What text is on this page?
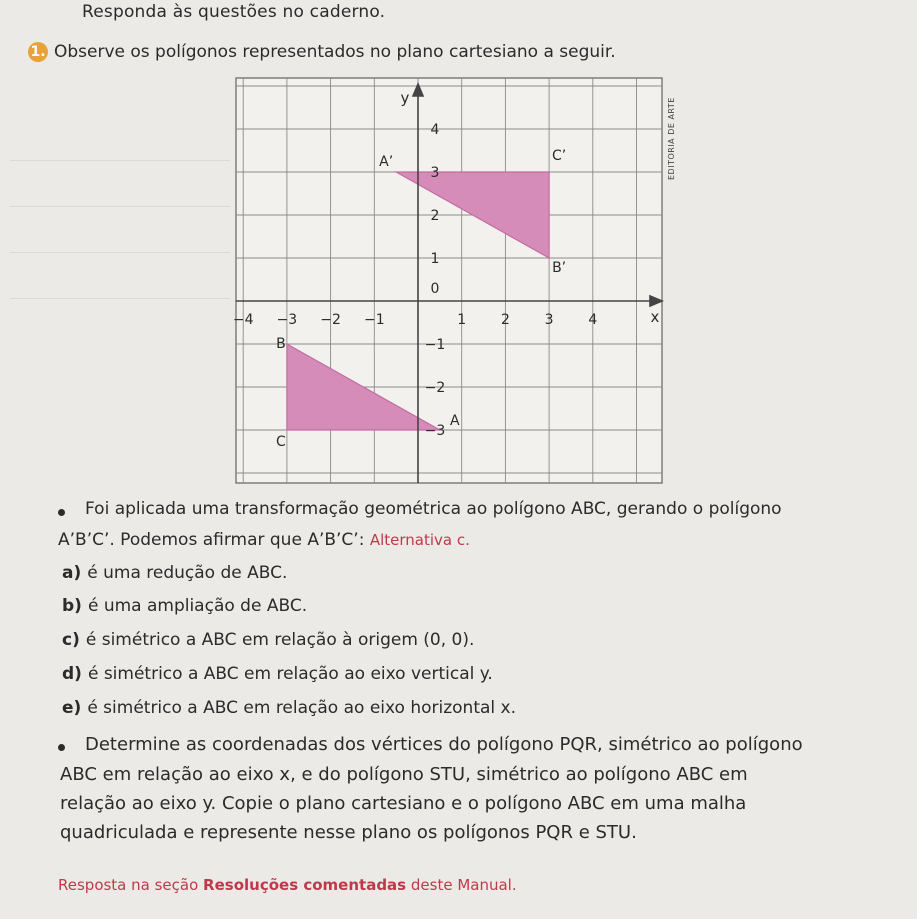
Responda às questões no caderno.
1. Observe os polígonos representados no plano cartesiano a seguir.
EDITORIA DE ARTE
−4 −3 −2 −1	1 2 3 4
4
3
2
1
0
−1
−2
−3
x
y
A’	C’
B’
A
B
C
Foi aplicada uma transformação geométrica ao polígono ABC, gerando o polígono
A’B’C’. Podemos afirmar que A’B’C’: Alternativa c.
a) é uma redução de ABC.
b) é uma ampliação de ABC.
c) é simétrico a ABC em relação à origem (0, 0).
d) é simétrico a ABC em relação ao eixo vertical y.
e) é simétrico a ABC em relação ao eixo horizontal x.
Determine as coordenadas dos vértices do polígono PQR, simétrico ao polígono
ABC em relação ao eixo x, e do polígono STU, simétrico ao polígono ABC em
relação ao eixo y. Copie o plano cartesiano e o polígono ABC em uma malha
quadriculada e represente nesse plano os polígonos PQR e STU.
Resposta na seção Resoluções comentadas deste Manual.
